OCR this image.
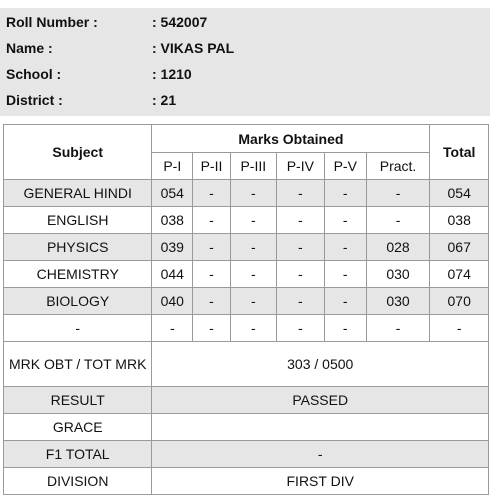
Roll Number :	: 542007
Name :	: VIKAS PAL
School :	: 1210
District :	: 21
Subject	Marks Obtained						Total
	P-I	P-II	P-III	P-IV	P-V	Pract.	
GENERAL HINDI	054	-	-	-	-	-	054
ENGLISH	038	-	-	-	-	-	038
PHYSICS	039	-	-	-	-	028	067
CHEMISTRY	044	-	-	-	-	030	074
BIOLOGY	040	-	-	-	-	030	070
-	-	-	-	-	-	-	-
MRK OBT / TOT MRK	303 / 0500						
RESULT	PASSED						
GRACE							
F1 TOTAL	-						
DIVISION	FIRST DIV						
